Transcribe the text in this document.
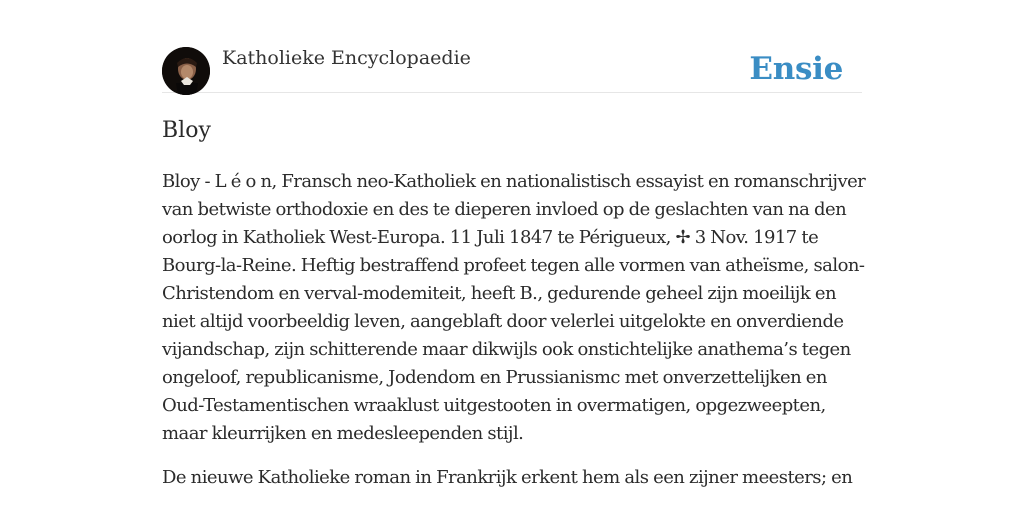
Katholieke Encyclopaedie	Ensie
Bloy

Bloy - L é o n, Fransch neo-Katholiek en nationalistisch essayist en romanschrijver van betwiste orthodoxie en des te dieperen invloed op de geslachten van na den oorlog in Katholiek West-Europa. 11 Juli 1847 te Périgueux, ✢ 3 Nov. 1917 te Bourg-la-Reine. Heftig bestraffend profeet tegen alle vormen van atheïsme, salon-Christendom en verval-modemiteit, heeft B., gedurende geheel zijn moeilijk en niet altijd voorbeeldig leven, aangeblaft door velerlei uitgelokte en onverdiende vijandschap, zijn schitterende maar dikwijls ook onstichtelijke anathema’s tegen ongeloof, republicanisme, Jodendom en Prussianismc met onverzettelijken en Oud-Testamentischen wraaklust uitgestooten in overmatigen, opgezweepten, maar kleurrijken en medesleependen stijl.

De nieuwe Katholieke roman in Frankrijk erkent hem als een zijner meesters; en
